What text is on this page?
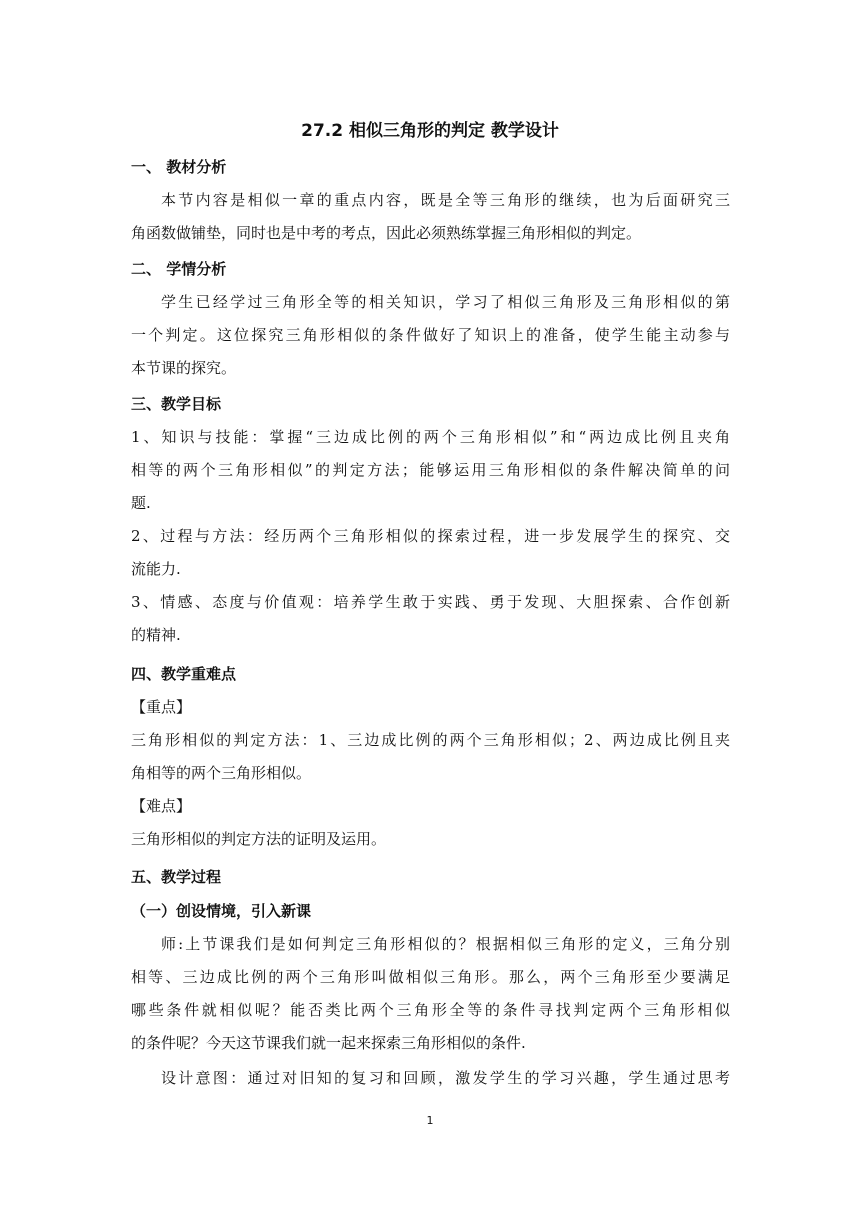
27.2 相似三角形的判定 教学设计
一、 教材分析
本节内容是相似一章的重点内容，既是全等三角形的继续，也为后面研究三
角函数做铺垫，同时也是中考的考点，因此必须熟练掌握三角形相似的判定。
二、 学情分析
学生已经学过三角形全等的相关知识，学习了相似三角形及三角形相似的第
一个判定。这位探究三角形相似的条件做好了知识上的准备，使学生能主动参与
本节课的探究。
三、教学目标
1、知识与技能：掌握“三边成比例的两个三角形相似”和“两边成比例且夹角
相等的两个三角形相似”的判定方法；能够运用三角形相似的条件解决简单的问
题.
2、过程与方法：经历两个三角形相似的探索过程，进一步发展学生的探究、交
流能力.
3、情感、态度与价值观：培养学生敢于实践、勇于发现、大胆探索、合作创新
的精神.
四、教学重难点
【重点】
三角形相似的判定方法：1、三边成比例的两个三角形相似；2、两边成比例且夹
角相等的两个三角形相似。
【难点】
三角形相似的判定方法的证明及运用。
五、教学过程
（一）创设情境，引入新课
师:上节课我们是如何判定三角形相似的？根据相似三角形的定义，三角分别
相等、三边成比例的两个三角形叫做相似三角形。那么，两个三角形至少要满足
哪些条件就相似呢？能否类比两个三角形全等的条件寻找判定两个三角形相似
的条件呢？今天这节课我们就一起来探索三角形相似的条件.
设计意图：通过对旧知的复习和回顾，激发学生的学习兴趣，学生通过思考
1
